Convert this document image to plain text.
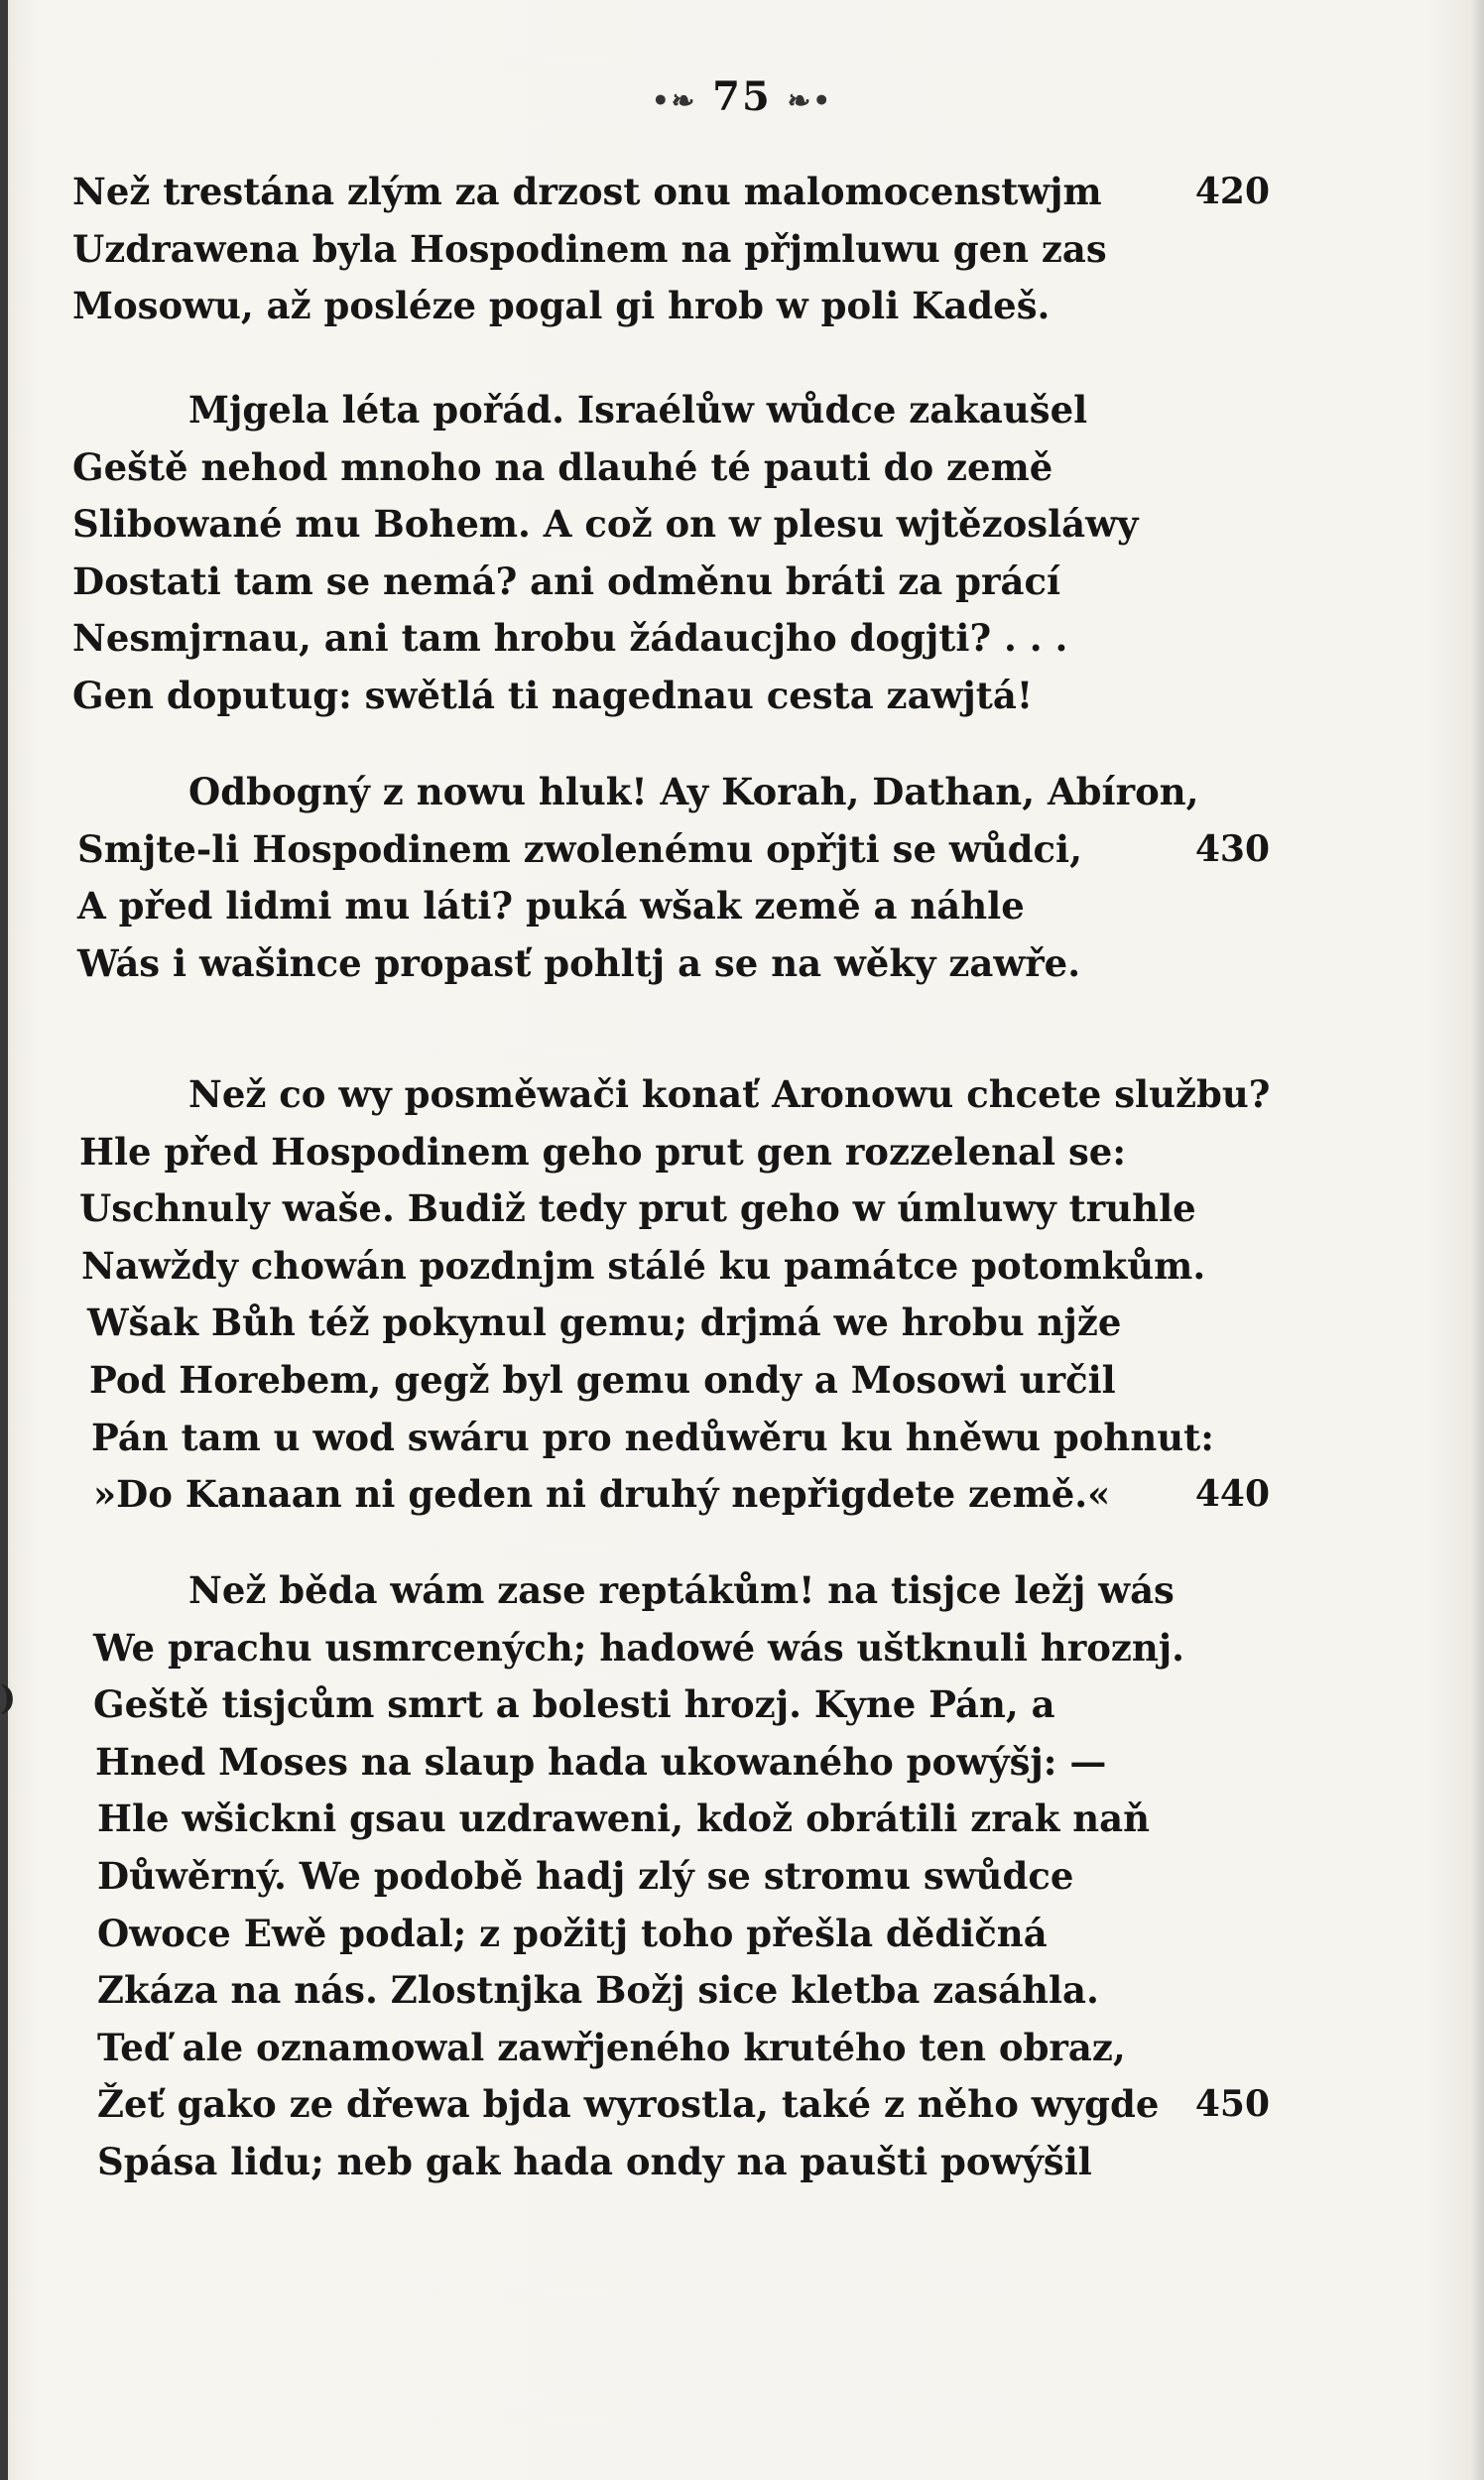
•❧ 75 ❧•
)
Než trestána zlým za drzost onu malomocenstwjm	420
Uzdrawena byla Hospodinem na přjmluwu gen zas
Mosowu, až posléze pogal gi hrob w poli Kadeš.
Mjgela léta pořád. Israélůw wůdce zakaušel
Geště nehod mnoho na dlauhé té pauti do země
Slibowané mu Bohem. A což on w plesu wjtězosláwy
Dostati tam se nemá? ani odměnu bráti za prácí
Nesmjrnau, ani tam hrobu žádaucjho dogjti? . . .
Gen doputug: swětlá ti nagednau cesta zawjtá!
Odbogný z nowu hluk! Ay Korah, Dathan, Abíron,
Smjte-li Hospodinem zwolenému opřjti se wůdci,	430
A před lidmi mu láti? puká wšak země a náhle
Wás i wašince propasť pohltj a se na wěky zawře.
Než co wy posměwači konať Aronowu chcete službu?
Hle před Hospodinem geho prut gen rozzelenal se:
Uschnuly waše. Budiž tedy prut geho w úmluwy truhle
Nawždy chowán pozdnjm stálé ku památce potomkům.
Wšak Bůh též pokynul gemu; drjmá we hrobu njže
Pod Horebem, gegž byl gemu ondy a Mosowi určil
Pán tam u wod swáru pro nedůwěru ku hněwu pohnut:
»Do Kanaan ni geden ni druhý nepřigdete země.« 440
Než běda wám zase reptákům! na tisjce ležj wás
We prachu usmrcených; hadowé wás uštknuli hroznj.
Geště tisjcům smrt a bolesti hrozj. Kyne Pán, a
Hned Moses na slaup hada ukowaného powýšj: —
Hle wšickni gsau uzdraweni, kdož obrátili zrak naň
Důwěrný. We podobě hadj zlý se stromu swůdce
Owoce Ewě podal; z požitj toho přešla dědičná
Zkáza na nás. Zlostnjka Božj sice kletba zasáhla.
Teď ale oznamowal zawřjeného krutého ten obraz,
Žeť gako ze dřewa bjda wyrostla, také z něho wygde 450
Spása lidu; neb gak hada ondy na paušti powýšil
